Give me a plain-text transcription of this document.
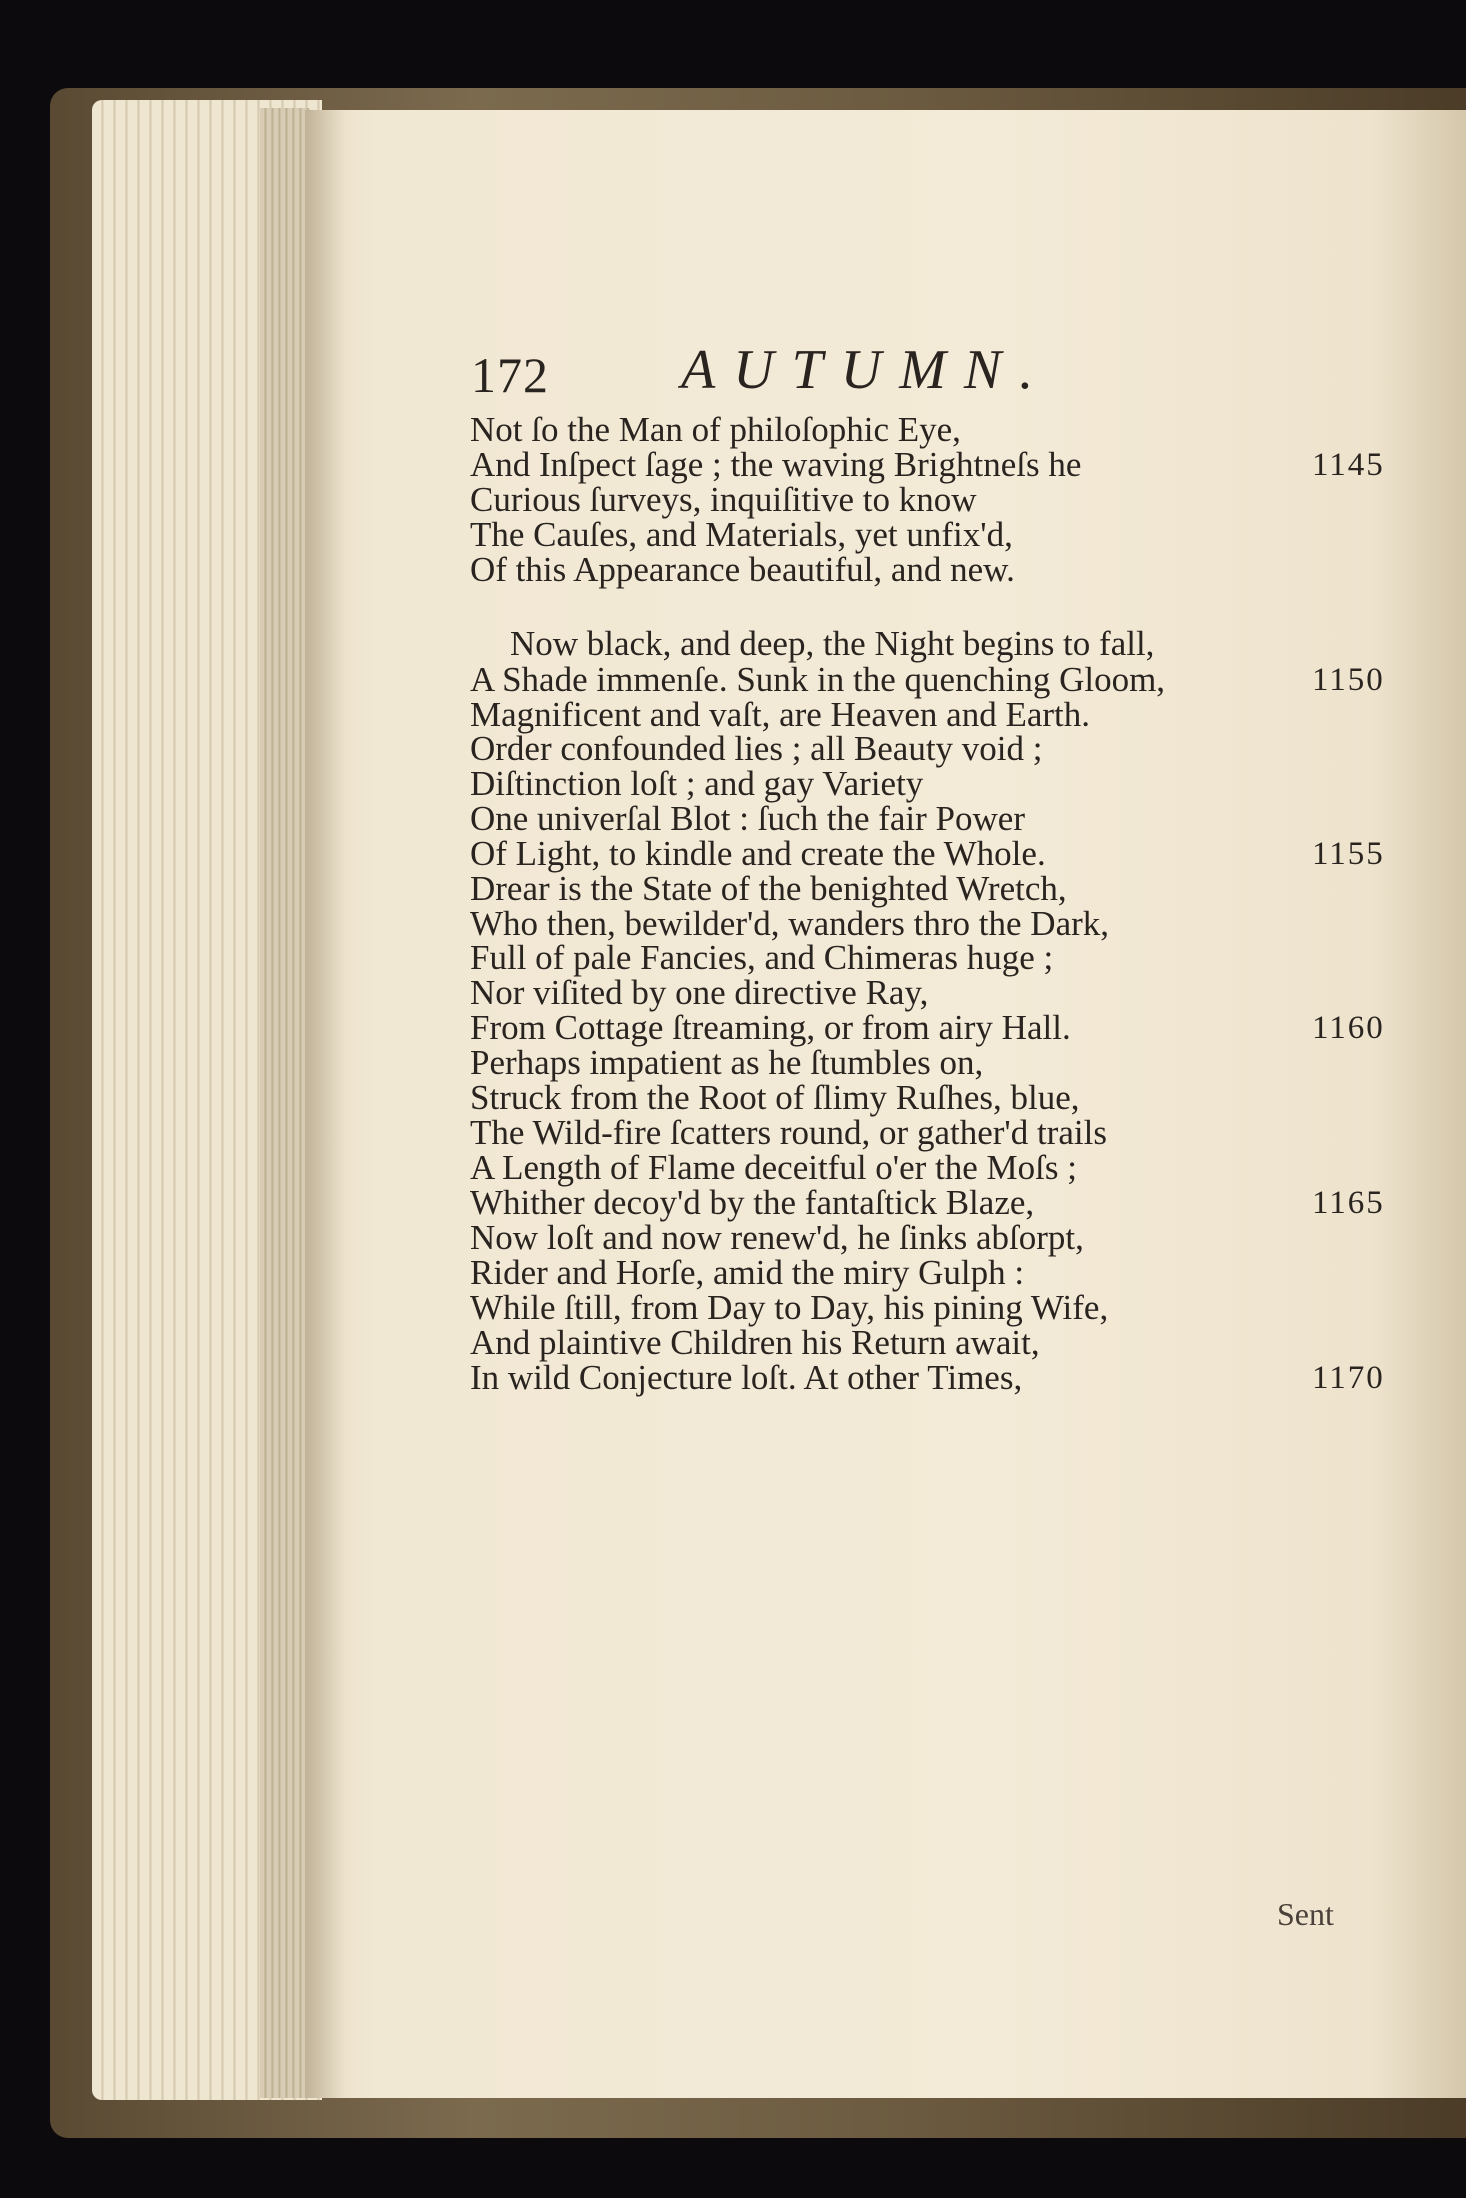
172 AUTUMN.
Not ſo the Man of philoſophic Eye,
And Inſpect ſage ; the waving Brightneſs he	1145
Curious ſurveys, inquiſitive to know
The Cauſes, and Materials, yet unfix'd,
Of this Appearance beautiful, and new.
Now black, and deep, the Night begins to fall,
A Shade immenſe. Sunk in the quenching Gloom,	1150
Magnificent and vaſt, are Heaven and Earth.
Order confounded lies ; all Beauty void ;
Diſtinction loſt ; and gay Variety
One univerſal Blot : ſuch the fair Power
Of Light, to kindle and create the Whole.	1155
Drear is the State of the benighted Wretch,
Who then, bewilder'd, wanders thro the Dark,
Full of pale Fancies, and Chimeras huge ;
Nor viſited by one directive Ray,
From Cottage ſtreaming, or from airy Hall.	1160
Perhaps impatient as he ſtumbles on,
Struck from the Root of ſlimy Ruſhes, blue,
The Wild-fire ſcatters round, or gather'd trails
A Length of Flame deceitful o'er the Moſs ;
Whither decoy'd by the fantaſtick Blaze,	1165
Now loſt and now renew'd, he ſinks abſorpt,
Rider and Horſe, amid the miry Gulph :
While ſtill, from Day to Day, his pining Wife,
And plaintive Children his Return await,
In wild Conjecture loſt. At other Times,	1170
Sent
